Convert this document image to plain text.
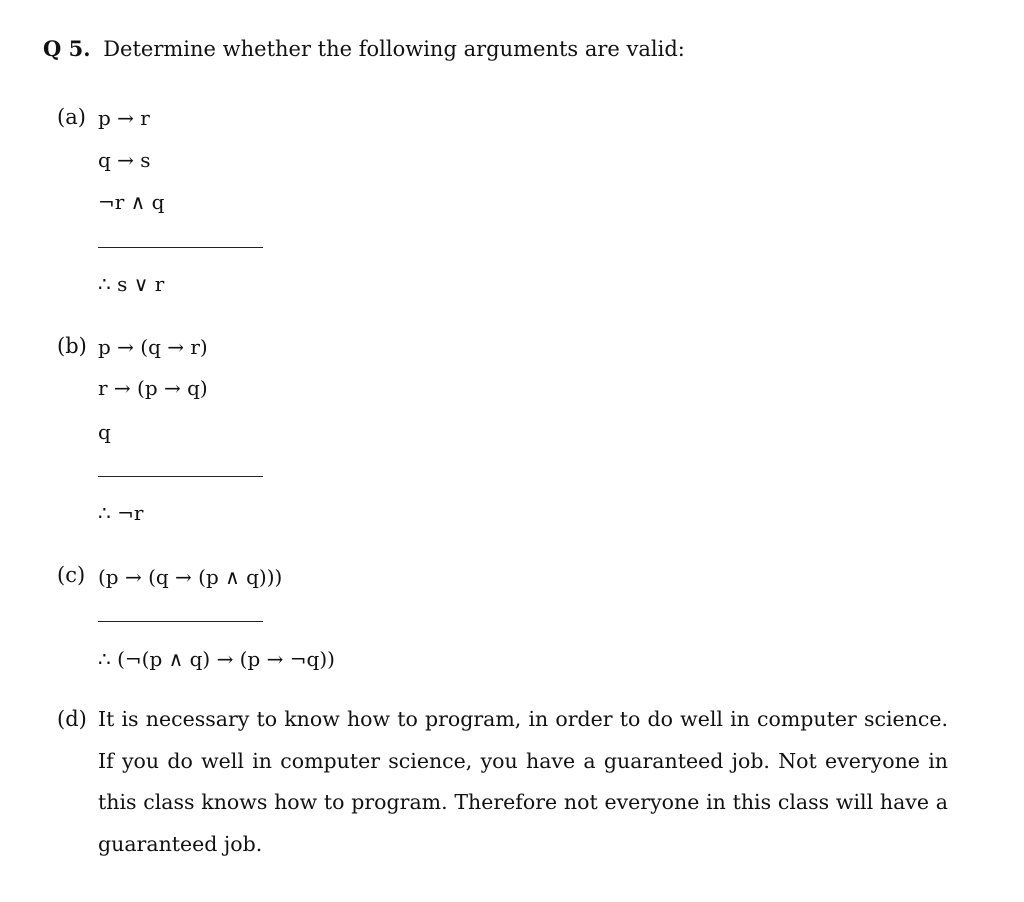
Q 5. Determine whether the following arguments are valid:
(a) p → r
q → s
¬r ∧ q
∴ s ∨ r
(b) p → (q → r)
r → (p → q)
q
∴ ¬r
(c) (p → (q → (p ∧ q)))
∴ (¬(p ∧ q) → (p → ¬q))
(d) It is necessary to know how to program, in order to do well in computer science. If you do well in computer science, you have a guaranteed job. Not everyone in this class knows how to program. Therefore not everyone in this class will have a guaranteed job.
